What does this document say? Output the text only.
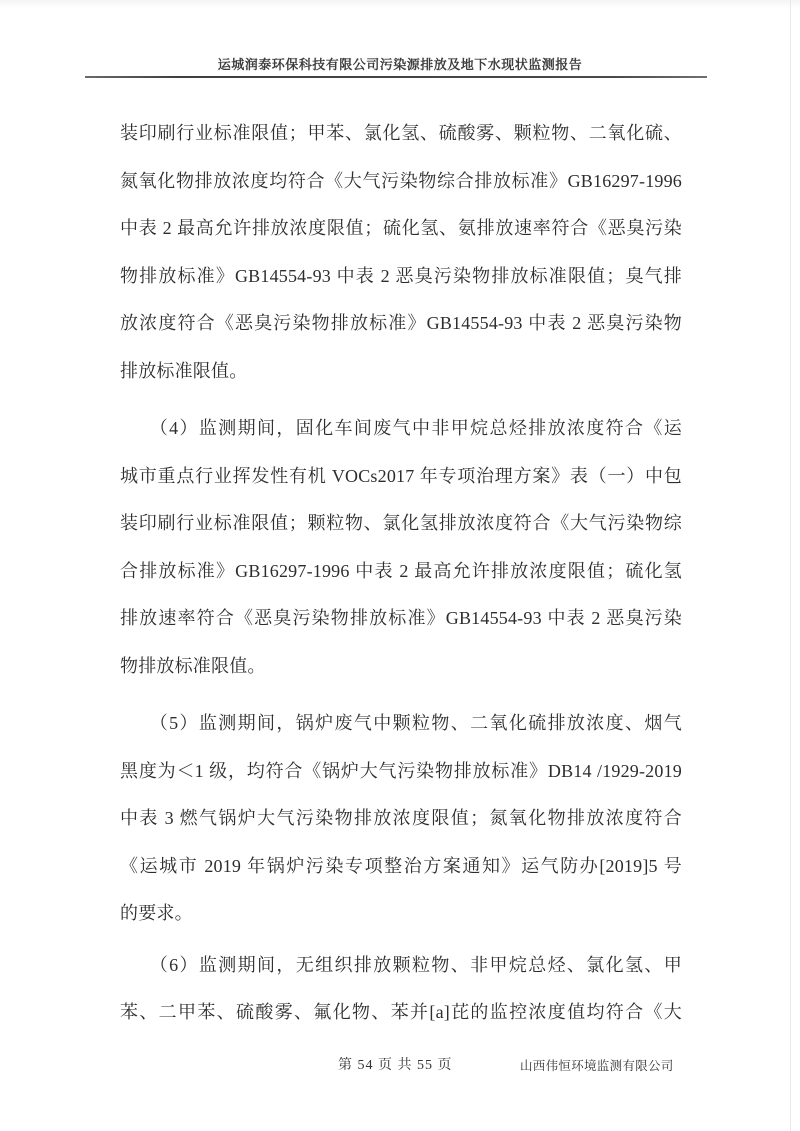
运城润泰环保科技有限公司污染源排放及地下水现状监测报告
装印刷行业标准限值；甲苯、氯化氢、硫酸雾、颗粒物、二氧化硫、
氮氧化物排放浓度均符合《大气污染物综合排放标准》GB16297-1996
中表 2 最高允许排放浓度限值；硫化氢、氨排放速率符合《恶臭污染
物排放标准》GB14554-93 中表 2 恶臭污染物排放标准限值；臭气排
放浓度符合《恶臭污染物排放标准》GB14554-93 中表 2 恶臭污染物
排放标准限值。
　　（4）监测期间，固化车间废气中非甲烷总烃排放浓度符合《运
城市重点行业挥发性有机 VOCs2017 年专项治理方案》表（一）中包
装印刷行业标准限值；颗粒物、氯化氢排放浓度符合《大气污染物综
合排放标准》GB16297-1996 中表 2 最高允许排放浓度限值；硫化氢
排放速率符合《恶臭污染物排放标准》GB14554-93 中表 2 恶臭污染
物排放标准限值。
　　（5）监测期间，锅炉废气中颗粒物、二氧化硫排放浓度、烟气
黑度为＜1 级，均符合《锅炉大气污染物排放标准》DB14 /1929-2019
中表 3 燃气锅炉大气污染物排放浓度限值；氮氧化物排放浓度符合
《运城市 2019 年锅炉污染专项整治方案通知》运气防办[2019]5 号
的要求。
　　（6）监测期间，无组织排放颗粒物、非甲烷总烃、氯化氢、甲
苯、二甲苯、硫酸雾、氟化物、苯并[a]芘的监控浓度值均符合《大
第 54 页 共 55 页	山西伟恒环境监测有限公司
